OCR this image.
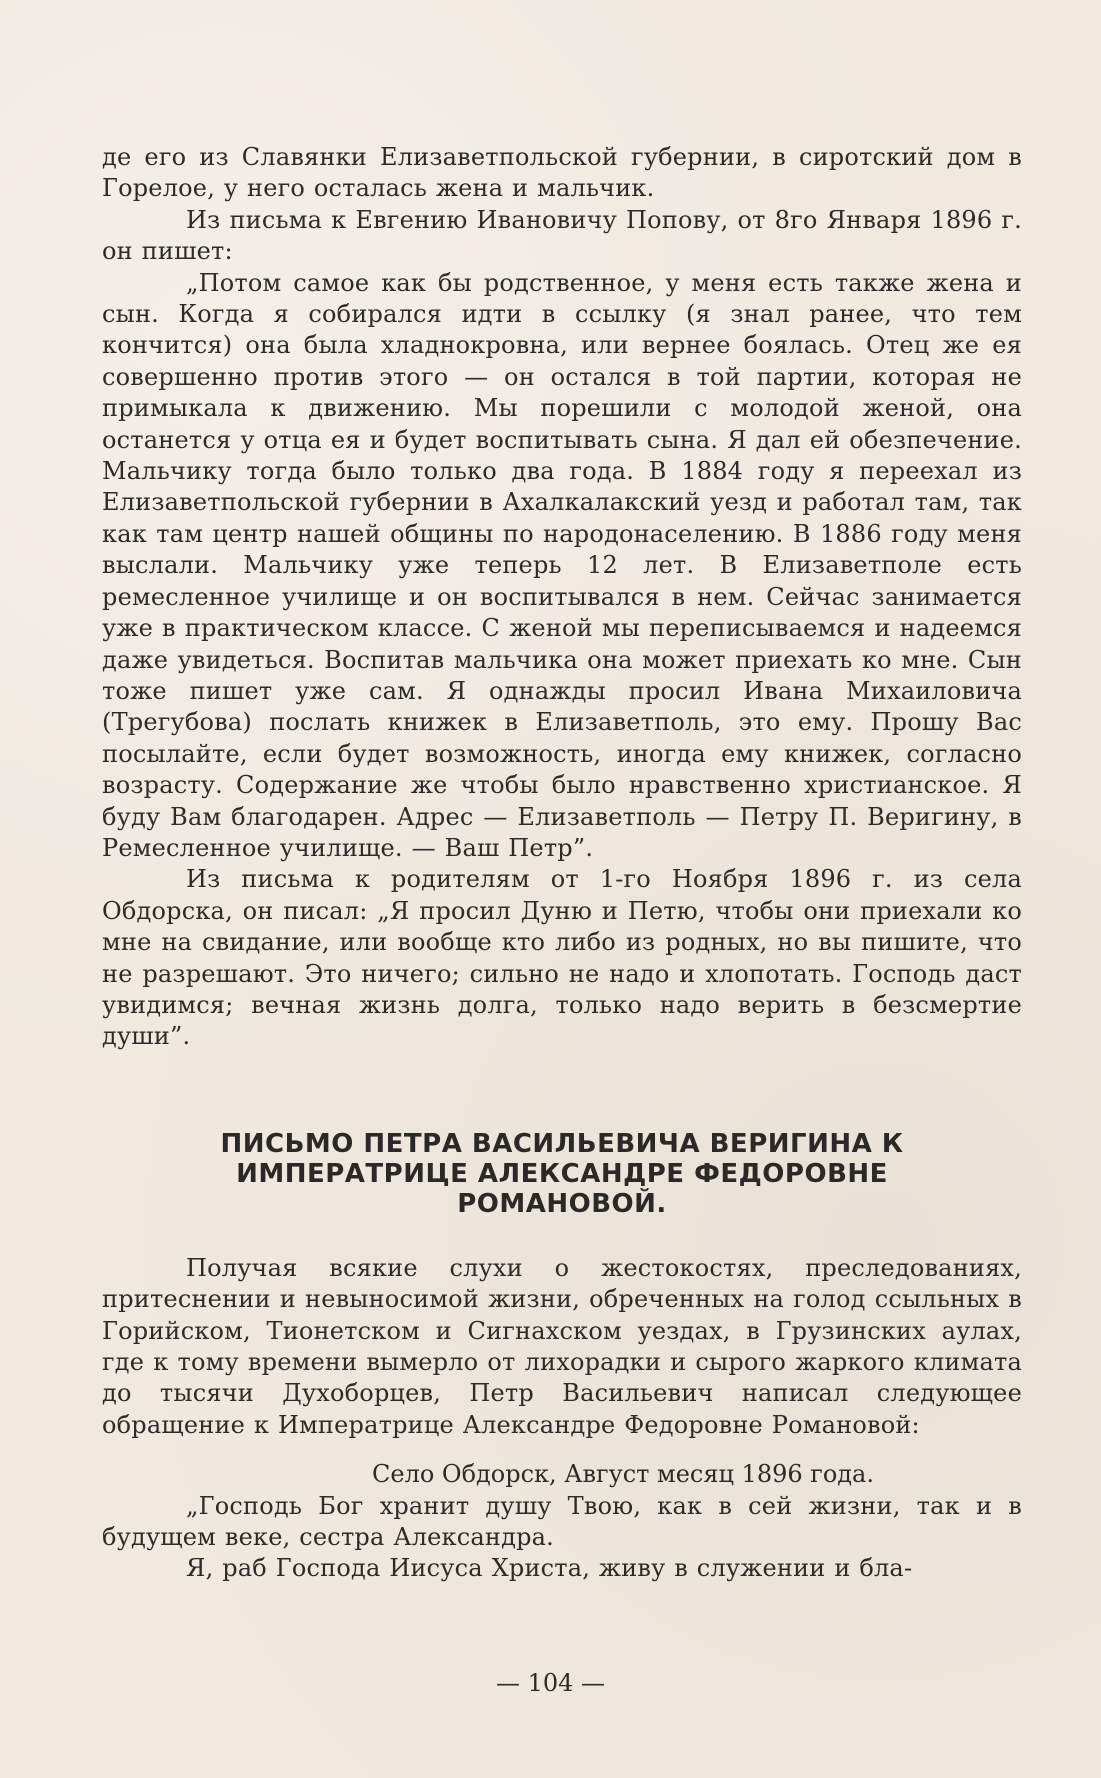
де его из Славянки Елизаветпольской губернии, в сиротский дом в Горелое, у него осталась жена и мальчик.

Из письма к Евгению Ивановичу Попову, от 8го Января 1896 г. он пишет:

„Потом самое как бы родственное, у меня есть также жена и сын. Когда я собирался идти в ссылку (я знал ранее, что тем кончится) она была хладнокровна, или вернее боялась. Отец же ея совершенно против этого — он остался в той партии, которая не примыкала к движению. Мы порешили с молодой женой, она останется у отца ея и будет воспитывать сына. Я дал ей обезпечение. Мальчику тогда было только два года. В 1884 году я переехал из Елизаветпольской губернии в Ахалкалакский уезд и работал там, так как там центр нашей общины по народонаселению. В 1886 году меня выслали. Мальчику уже теперь 12 лет. В Елизаветполе есть ремесленное училище и он воспитывался в нем. Сейчас занимается уже в практическом классе. С женой мы переписываемся и надеемся даже увидеться. Воспитав мальчика она может приехать ко мне. Сын тоже пишет уже сам. Я однажды просил Ивана Михаиловича (Трегубова) послать книжек в Елизаветполь, это ему. Прошу Вас посылайте, если будет возможность, иногда ему книжек, согласно возрасту. Содержание же чтобы было нравственно христианское. Я буду Вам благодарен. Адрес — Елизаветполь — Петру П. Веригину, в Ремесленное училище. — Ваш Петр”.

Из письма к родителям от 1-го Ноября 1896 г. из села Обдорска, он писал: „Я просил Дуню и Петю, чтобы они приехали ко мне на свидание, или вообще кто либо из родных, но вы пишите, что не разрешают. Это ничего; сильно не надо и хлопотать. Господь даст увидимся; вечная жизнь долга, только надо верить в безсмертие души”.

ПИСЬМО ПЕТРА ВАСИЛЬЕВИЧА ВЕРИГИНА К
ИМПЕРАТРИЦЕ АЛЕКСАНДРЕ ФЕДОРОВНЕ
РОМАНОВОЙ.

Получая всякие слухи о жестокостях, преследованиях, притеснении и невыносимой жизни, обреченных на голод ссыльных в Горийском, Тионетском и Сигнахском уездах, в Грузинских аулах, где к тому времени вымерло от лихорадки и сырого жаркого климата до тысячи Духоборцев, Петр Васильевич написал следующее обращение к Императрице Александре Федоровне Романовой:

Село Обдорск, Август месяц 1896 года.

„Господь Бог хранит душу Твою, как в сей жизни, так и в будущем веке, сестра Александра.

Я, раб Господа Иисуса Христа, живу в служении и бла-

— 104 —
